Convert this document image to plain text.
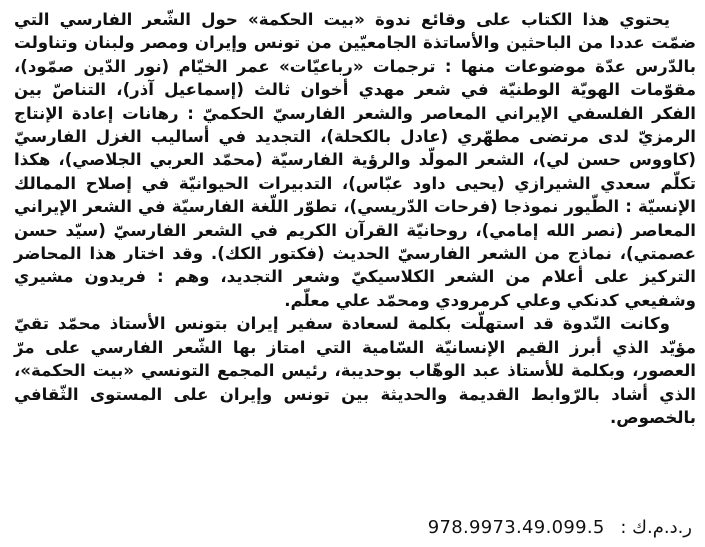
يحتوي هذا الكتاب على وقائع ندوة «بيت الحكمة» حول الشّعر الفارسي التي ضمّت عددا من الباحثين والأساتذة الجامعيّين من تونس وإيران ومصر ولبنان وتناولت بالدّرس عدّة موضوعات منها : ترجمات «رباعيّات» عمر الخيّام (نور الدّين صمّود)، مقوّمات الهويّة الوطنيّة في شعر مهدي أخوان ثالث (إسماعيل آذر)، التناصّ بين الفكر الفلسفي الإيراني المعاصر والشعر الفارسيّ الحكميّ : رهانات إعادة الإنتاج الرمزيّ لدى مرتضى مطهّري (عادل بالكحلة)، التجديد في أساليب الغزل الفارسيّ (كاووس حسن لي)، الشعر المولّد والرؤية الفارسيّة (محمّد العربي الجلاصي)، هكذا تكلّم سعدي الشيرازي (يحيى داود عبّاس)، التدبيرات الحيوانيّة في إصلاح الممالك الإنسيّة : الطّيور نموذجا (فرحات الدّريسي)، تطوّر اللّغة الفارسيّة في الشعر الإيراني المعاصر (نصر الله إمامي)، روحانيّة القرآن الكريم في الشعر الفارسيّ (سيّد حسن عصمتي)، نماذج من الشعر الفارسيّ الحديث (فكتور الكك). وقد اختار هذا المحاضر التركيز على أعلام من الشعر الكلاسيكيّ وشعر التجديد، وهم : فريدون مشيري وشفيعي كدنكي وعلي كرمرودي ومحمّد علي معلّم.

وكانت النّدوة قد استهلّت بكلمة لسعادة سفير إيران بتونس الأستاذ محمّد تقيّ مؤيّد الذي أبرز القيم الإنسانيّة السّامية التي امتاز بها الشّعر الفارسي على مرّ العصور، وبكلمة للأستاذ عبد الوهّاب بوحديبة، رئيس المجمع التونسي «بيت الحكمة»، الذي أشاد بالرّوابط القديمة والحديثة بين تونس وإيران على المستوى الثّقافي بالخصوص.

ر.د.م.ك : 978.9973.49.099.5
